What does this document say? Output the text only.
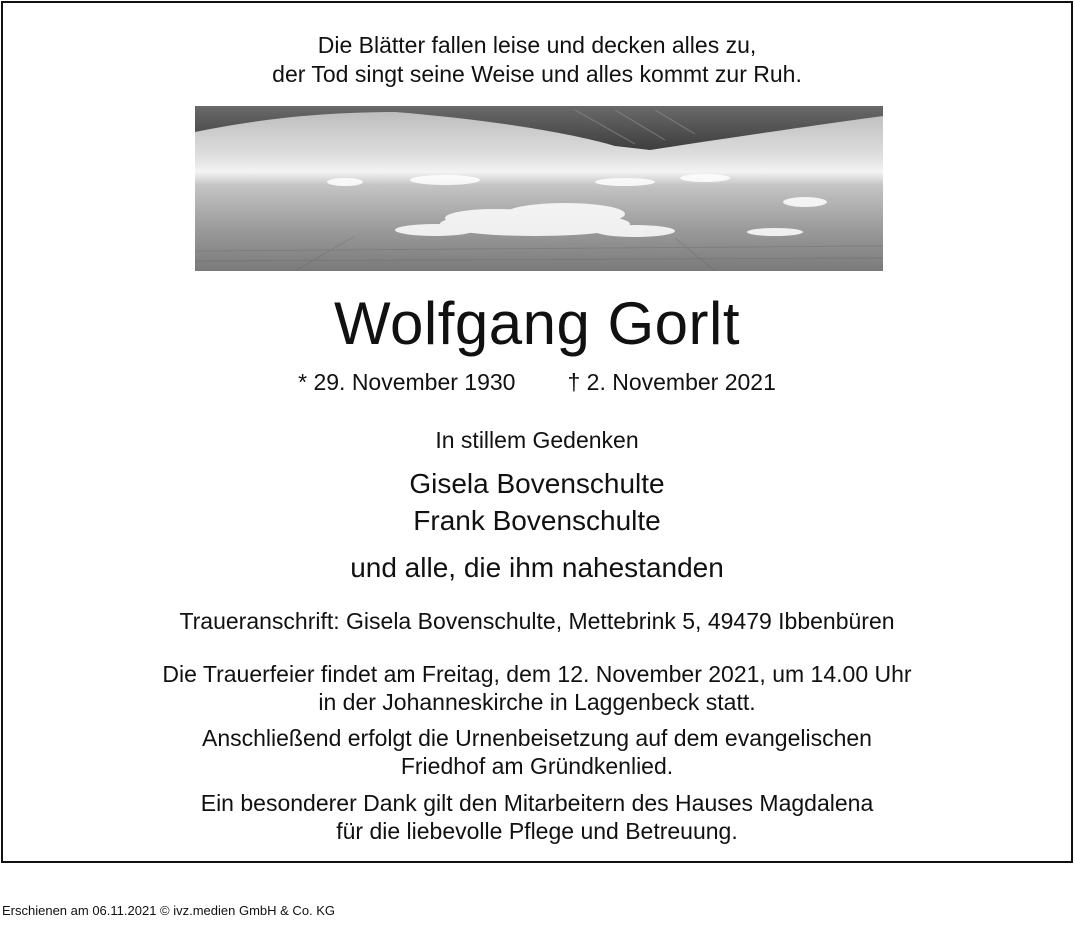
Die Blätter fallen leise und decken alles zu,
der Tod singt seine Weise und alles kommt zur Ruh.
Wolfgang Gorlt
* 29. November 1930 † 2. November 2021
In stillem Gedenken
Gisela Bovenschulte
Frank Bovenschulte
und alle, die ihm nahestanden
Traueranschrift: Gisela Bovenschulte, Mettebrink 5, 49479 Ibbenbüren
Die Trauerfeier findet am Freitag, dem 12. November 2021, um 14.00 Uhr
in der Johanneskirche in Laggenbeck statt.
Anschließend erfolgt die Urnenbeisetzung auf dem evangelischen
Friedhof am Gründkenlied.
Ein besonderer Dank gilt den Mitarbeitern des Hauses Magdalena
für die liebevolle Pflege und Betreuung.
Erschienen am 06.11.2021 © ivz.medien GmbH & Co. KG
